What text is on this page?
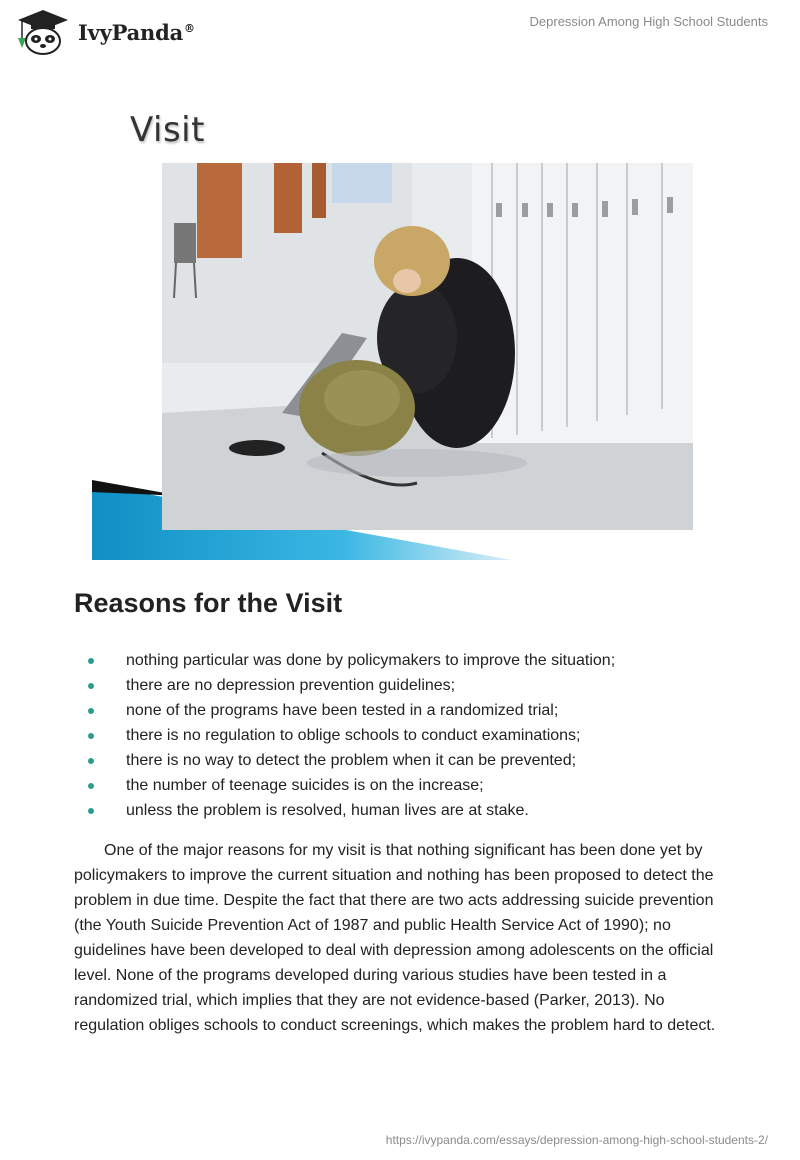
IvyPanda®	Depression Among High School Students
Visit
Reasons for the Visit
nothing particular was done by policymakers to improve the situation;
there are no depression prevention guidelines;
none of the programs have been tested in a randomized trial;
there is no regulation to oblige schools to conduct examinations;
there is no way to detect the problem when it can be prevented;
the number of teenage suicides is on the increase;
unless the problem is resolved, human lives are at stake.

One of the major reasons for my visit is that nothing significant has been done yet by policymakers to improve the current situation and nothing has been proposed to detect the problem in due time. Despite the fact that there are two acts addressing suicide prevention (the Youth Suicide Prevention Act of 1987 and public Health Service Act of 1990); no guidelines have been developed to deal with depression among adolescents on the official level. None of the programs developed during various studies have been tested in a randomized trial, which implies that they are not evidence-based (Parker, 2013). No regulation obliges schools to conduct screenings, which makes the problem hard to detect.

https://ivypanda.com/essays/depression-among-high-school-students-2/
